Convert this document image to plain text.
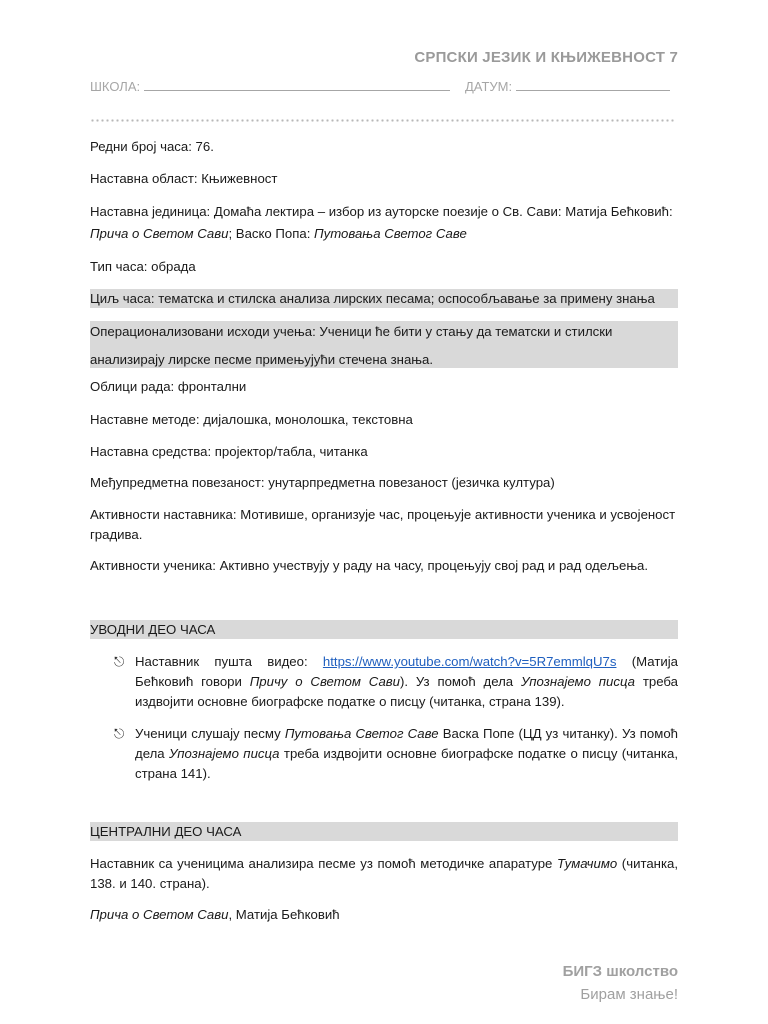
СРПСКИ ЈЕЗИК И КЊИЖЕВНОСТ 7
ШКОЛА:	ДАТУМ:
Редни број часа: 76.
Наставна област: Књижевност
Наставна јединица: Домаћа лектира – избор из ауторске поезије о Св. Сави: Матија Бећковић: Прича о Светом Сави; Васко Попа: Путовања Светог Саве
Тип часа: обрада
Циљ часа: тематска и стилска анализа лирских песама; оспособљавање за примену знања
Операционализовани исходи учења: Ученици ће бити у стању да тематски и стилски
анализирају лирске песме примењујући стечена знања.
Облици рада: фронтални
Наставне методе: дијалошка, монолошка, текстовна
Наставна средства: пројектор/табла, читанка
Међупредметна повезаност: унутарпредметна повезаност (језичка култура)
Активности наставника: Мотивише, организује час, процењује активности ученика и усвојеност градива.
Активности ученика: Активно учествују у раду на часу, процењују свој рад и рад одељења.
УВОДНИ ДЕО ЧАСА
⎋ Наставник пушта видео: https://www.youtube.com/watch?v=5R7emmlqU7s (Матија Бећковић говори Причу о Светом Сави). Уз помоћ дела Упознајемо писца треба издвојити основне биографске податке о писцу (читанка, страна 139).
⎋ Ученици слушају песму Путовања Светог Саве Васка Попе (ЦД уз читанку). Уз помоћ дела Упознајемо писца треба издвојити основне биографске податке о писцу (читанка, страна 141).
ЦЕНТРАЛНИ ДЕО ЧАСА
Наставник са ученицима анализира песме уз помоћ методичке апаратуре Тумачимо (читанка, 138. и 140. страна).
Прича о Светом Сави, Матија Бећковић
БИГЗ школство
Бирам знање!
